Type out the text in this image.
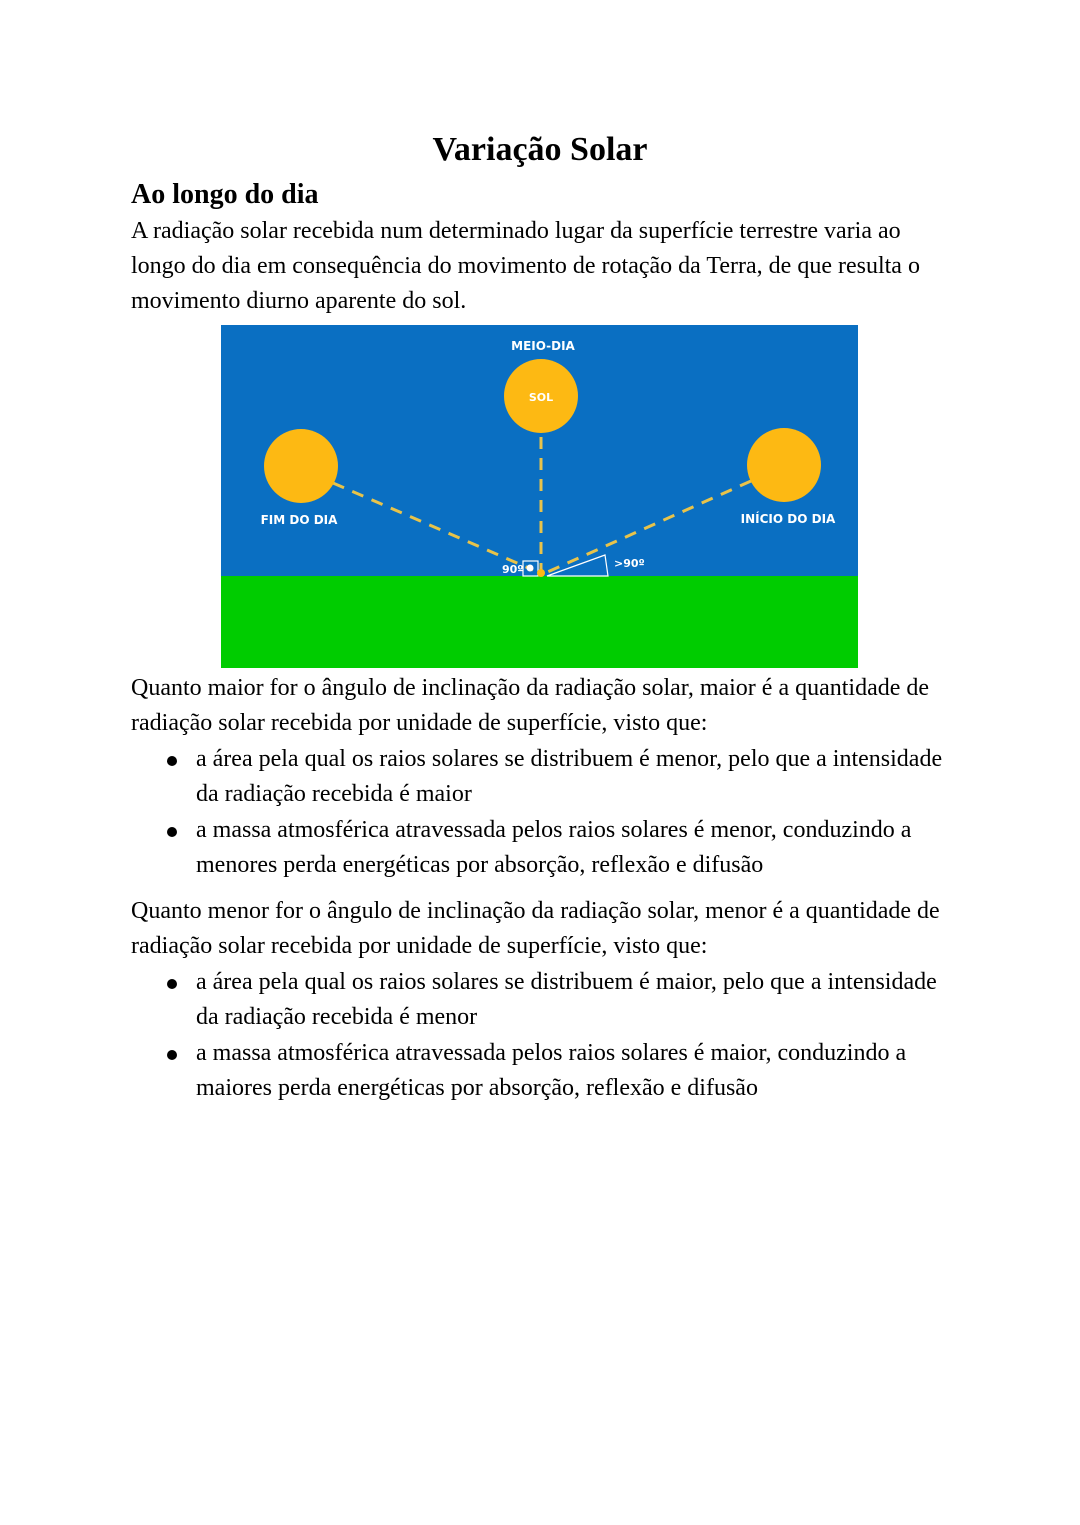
Variação Solar
Ao longo do dia

A radiação solar recebida num determinado lugar da superfície terrestre varia ao longo do dia em consequência do movimento de rotação da Terra, de que resulta o movimento diurno aparente do sol.

Quanto maior for o ângulo de inclinação da radiação solar, maior é a quantidade de radiação solar recebida por unidade de superfície, visto que:

a área pela qual os raios solares se distribuem é menor, pelo que a intensidade da radiação recebida é maior
a massa atmosférica atravessada pelos raios solares é menor, conduzindo a menores perda energéticas por absorção, reflexão e difusão

Quanto menor for o ângulo de inclinação da radiação solar, menor é a quantidade de radiação solar recebida por unidade de superfície, visto que:

a área pela qual os raios solares se distribuem é maior, pelo que a intensidade da radiação recebida é menor
a massa atmosférica atravessada pelos raios solares é maior, conduzindo a maiores perda energéticas por absorção, reflexão e difusão
MEIO-DIA
SOL
FIM DO DIA	INÍCIO DO DIA
90º	>90º
